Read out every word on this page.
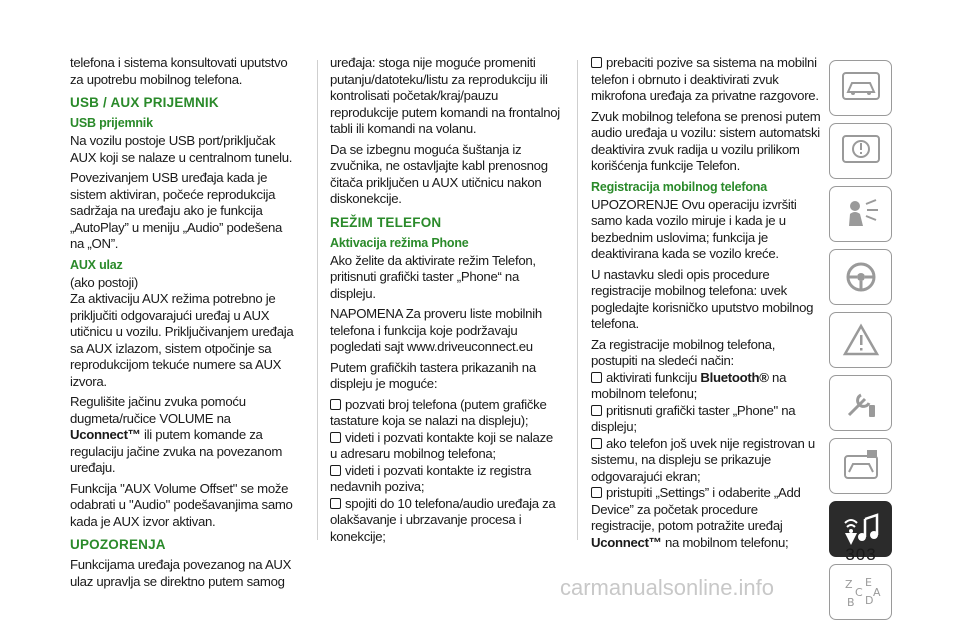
telefona i sistema konsultovati uputstvo za upotrebu mobilnog telefona.

USB / AUX PRIJEMNIK
USB prijemnik

Na vozilu postoje USB port/priključak AUX koji se nalaze u centralnom tunelu.

Povezivanjem USB uređaja kada je sistem aktiviran, počeće reprodukcija sadržaja na uređaju ako je funkcija „AutoPlay” u meniju „Audio” podešena na „ON”.

AUX ulaz

(ako postoji)

Za aktivaciju AUX režima potrebno je priključiti odgovarajući uređaj u AUX utičnicu u vozilu. Priključivanjem uređaja sa AUX izlazom, sistem otpočinje sa reprodukcijom tekuće numere sa AUX izvora.

Regulišite jačinu zvuka pomoću dugmeta/ručice VOLUME na Uconnect™ ili putem komande za regulaciju jačine zvuka na povezanom uređaju.

Funkcija "AUX Volume Offset" se može odabrati u "Audio" podešavanjima samo kada je AUX izvor aktivan.

UPOZORENJA

Funkcijama uređaja povezanog na AUX ulaz upravlja se direktno putem samog

uređaja: stoga nije moguće promeniti putanju/datoteku/listu za reprodukciju ili kontrolisati početak/kraj/pauzu reprodukcije putem komandi na frontalnoj tabli ili komandi na volanu.

Da se izbegnu moguća šuštanja iz zvučnika, ne ostavljajte kabl prenosnog čitača priključen u AUX utičnicu nakon diskonekcije.

REŽIM TELEFON
Aktivacija režima Phone

Ako želite da aktivirate režim Telefon, pritisnuti grafički taster „Phone“ na displeju.

NAPOMENA Za proveru liste mobilnih telefona i funkcija koje podržavaju pogledati sajt www.driveuconnect.eu

Putem grafičkih tastera prikazanih na displeju je moguće:

pozvati broj telefona (putem grafičke tastature koja se nalazi na displeju);

videti i pozvati kontakte koji se nalaze u adresaru mobilnog telefona;

videti i pozvati kontakte iz registra nedavnih poziva;

spojiti do 10 telefona/audio uređaja za olakšavanje i ubrzavanje procesa i konekcije;

prebaciti pozive sa sistema na mobilni telefon i obrnuto i deaktivirati zvuk mikrofona uređaja za privatne razgovore.

Zvuk mobilnog telefona se prenosi putem audio uređaja u vozilu: sistem automatski deaktivira zvuk radija u vozilu prilikom korišćenja funkcije Telefon.

Registracija mobilnog telefona

UPOZORENJE Ovu operaciju izvršiti samo kada vozilo miruje i kada je u bezbednim uslovima; funkcija je deaktivirana kada se vozilo kreće.

U nastavku sledi opis procedure registracije mobilnog telefona: uvek pogledajte korisničko uputstvo mobilnog telefona.

Za registracije mobilnog telefona, postupiti na sledeći način:

aktivirati funkciju Bluetooth® na mobilnom telefonu;

pritisnuti grafički taster „Phone" na displeju;

ako telefon još uvek nije registrovan u sistemu, na displeju se prikazuje odgovarajući ekran;

pristupiti „Settings” i odaberite „Add Device” za početak procedure registracije, potom potražite uređaj Uconnect™ na mobilnom telefonu;

Z
C
E
B D
A
303
carmanualsonline.info
